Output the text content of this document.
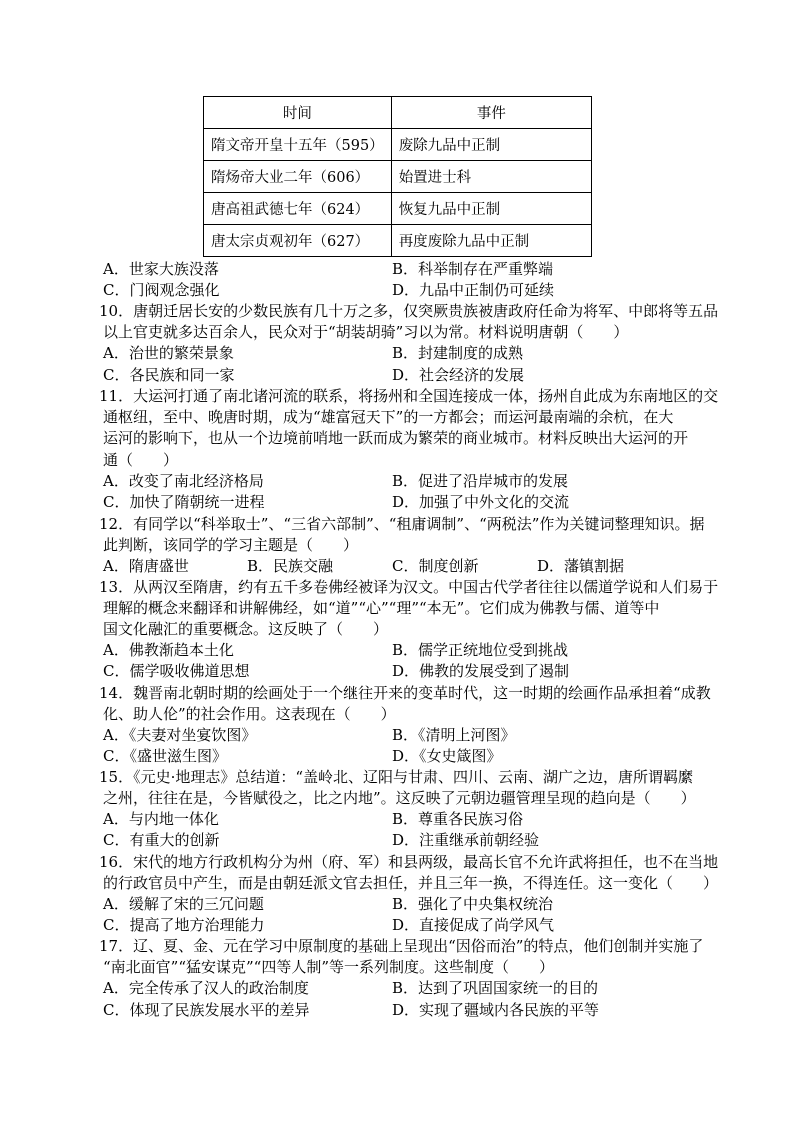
时间	事件
隋文帝开皇十五年（595）	废除九品中正制
隋炀帝大业二年（606）	始置进士科
唐高祖武德七年（624）	恢复九品中正制
唐太宗贞观初年（627）	再度废除九品中正制
A．世家大族没落	B．科举制存在严重弊端
C．门阀观念强化	D．九品中正制仍可延续
10．唐朝迁居长安的少数民族有几十万之多，仅突厥贵族被唐政府任命为将军、中郎将等五品
以上官吏就多达百余人，民众对于“胡装胡骑”习以为常。材料说明唐朝（　　）
A．治世的繁荣景象	B．封建制度的成熟
C．各民族和同一家	D．社会经济的发展
11．大运河打通了南北诸河流的联系，将扬州和全国连接成一体，扬州自此成为东南地区的交
通枢纽，至中、晚唐时期，成为“雄富冠天下”的一方都会；而运河最南端的余杭，在大
运河的影响下，也从一个边境前哨地一跃而成为繁荣的商业城市。材料反映出大运河的开
通（　　）
A．改变了南北经济格局	B．促进了沿岸城市的发展
C．加快了隋朝统一进程	D．加强了中外文化的交流
12．有同学以“科举取士”、“三省六部制”、“租庸调制”、“两税法”作为关键词整理知识。据
此判断，该同学的学习主题是（　　）
A．隋唐盛世	B．民族交融	C．制度创新	D．藩镇割据
13．从两汉至隋唐，约有五千多卷佛经被译为汉文。中国古代学者往往以儒道学说和人们易于
理解的概念来翻译和讲解佛经，如“道”“心”“理”“本无”。它们成为佛教与儒、道等中
国文化融汇的重要概念。这反映了（　　）
A．佛教渐趋本土化	B．儒学正统地位受到挑战
C．儒学吸收佛道思想	D．佛教的发展受到了遏制
14．魏晋南北朝时期的绘画处于一个继往开来的变革时代，这一时期的绘画作品承担着“成教
化、助人伦”的社会作用。这表现在（　　）
A．《夫妻对坐宴饮图》	B．《清明上河图》
C．《盛世滋生图》	D．《女史箴图》
15．《元史·地理志》总结道：“盖岭北、辽阳与甘肃、四川、云南、湖广之边，唐所谓羁縻
之州，往往在是，今皆赋役之，比之内地”。这反映了元朝边疆管理呈现的趋向是（　　）
A．与内地一体化	B．尊重各民族习俗
C．有重大的创新	D．注重继承前朝经验
16．宋代的地方行政机构分为州（府、军）和县两级，最高长官不允许武将担任，也不在当地
的行政官员中产生，而是由朝廷派文官去担任，并且三年一换，不得连任。这一变化（　　）
A．缓解了宋的三冗问题	B．强化了中央集权统治
C．提高了地方治理能力	D．直接促成了尚学风气
17．辽、夏、金、元在学习中原制度的基础上呈现出“因俗而治”的特点，他们创制并实施了
“南北面官”“猛安谋克”“四等人制”等一系列制度。这些制度（　　）
A．完全传承了汉人的政治制度	B．达到了巩固国家统一的目的
C．体现了民族发展水平的差异	D．实现了疆域内各民族的平等
